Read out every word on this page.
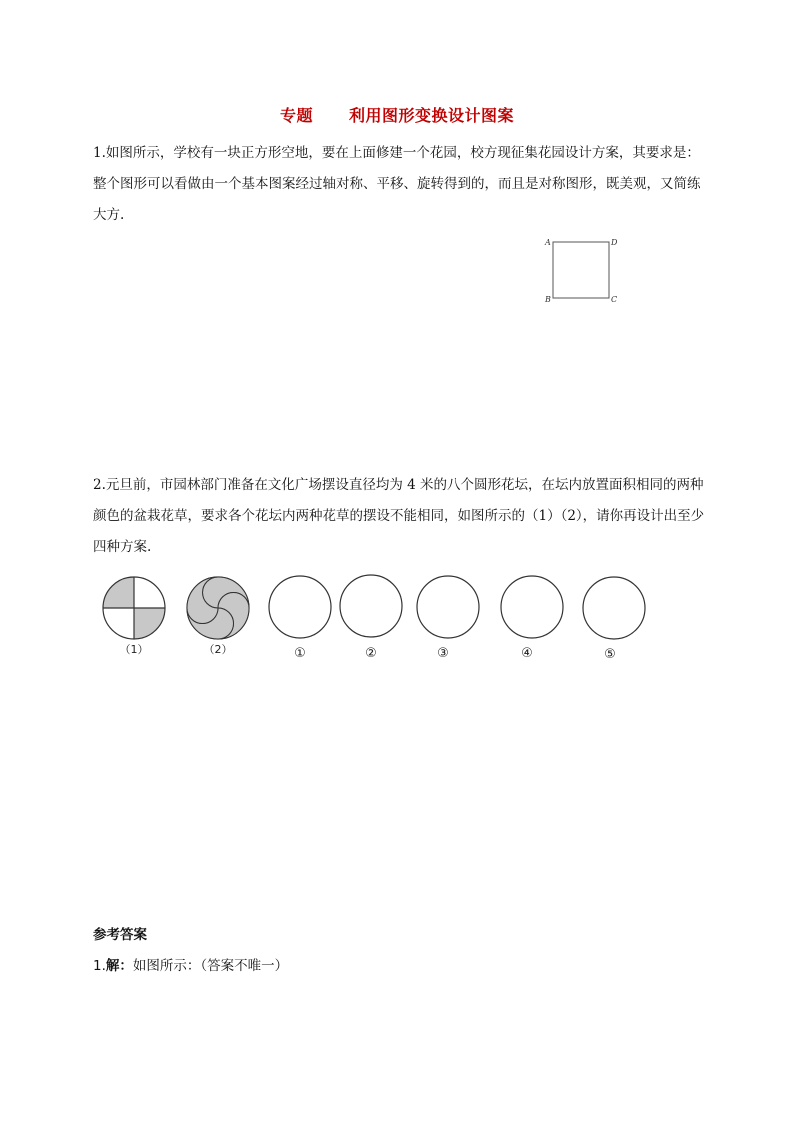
专题 利用图形变换设计图案
1.如图所示，学校有一块正方形空地，要在上面修建一个花园，校方现征集花园设计方案，其要求是：整个图形可以看做由一个基本图案经过轴对称、平移、旋转得到的，而且是对称图形，既美观，又简练大方.
A	D
B	C
2.元旦前，市园林部门准备在文化广场摆设直径均为 4 米的八个圆形花坛，在坛内放置面积相同的两种颜色的盆栽花草，要求各个花坛内两种花草的摆设不能相同，如图所示的（1）（2），请你再设计出至少四种方案.
（1）	（2）	①	②	③	④	⑤
参考答案
1.解：如图所示：（答案不唯一）
